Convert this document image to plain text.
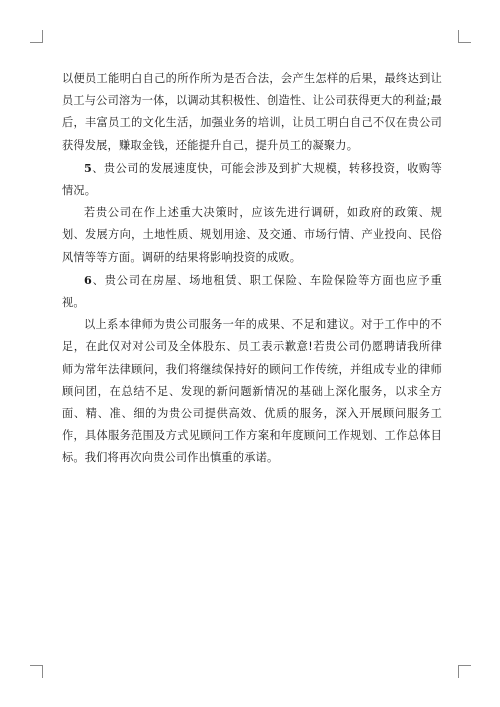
以便员工能明白自己的所作所为是否合法，会产生怎样的后果，最终达到让员工与公司溶为一体，以调动其积极性、创造性、让公司获得更大的利益;最后，丰富员工的文化生活，加强业务的培训，让员工明白自己不仅在贵公司获得发展，赚取金钱，还能提升自己，提升员工的凝聚力。

5、贵公司的发展速度快，可能会涉及到扩大规模，转移投资，收购等情况。

若贵公司在作上述重大决策时，应该先进行调研，如政府的政策、规划、发展方向，土地性质、规划用途、及交通、市场行情、产业投向、民俗风情等等方面。调研的结果将影响投资的成败。

6、贵公司在房屋、场地租赁、职工保险、车险保险等方面也应予重视。

以上系本律师为贵公司服务一年的成果、不足和建议。对于工作中的不足，在此仅对对公司及全体股东、员工表示歉意!若贵公司仍愿聘请我所律师为常年法律顾问，我们将继续保持好的顾问工作传统，并组成专业的律师顾问团，在总结不足、发现的新问题新情况的基础上深化服务，以求全方面、精、准、细的为贵公司提供高效、优质的服务，深入开展顾问服务工作，具体服务范围及方式见顾问工作方案和年度顾问工作规划、工作总体目标。我们将再次向贵公司作出慎重的承诺。
